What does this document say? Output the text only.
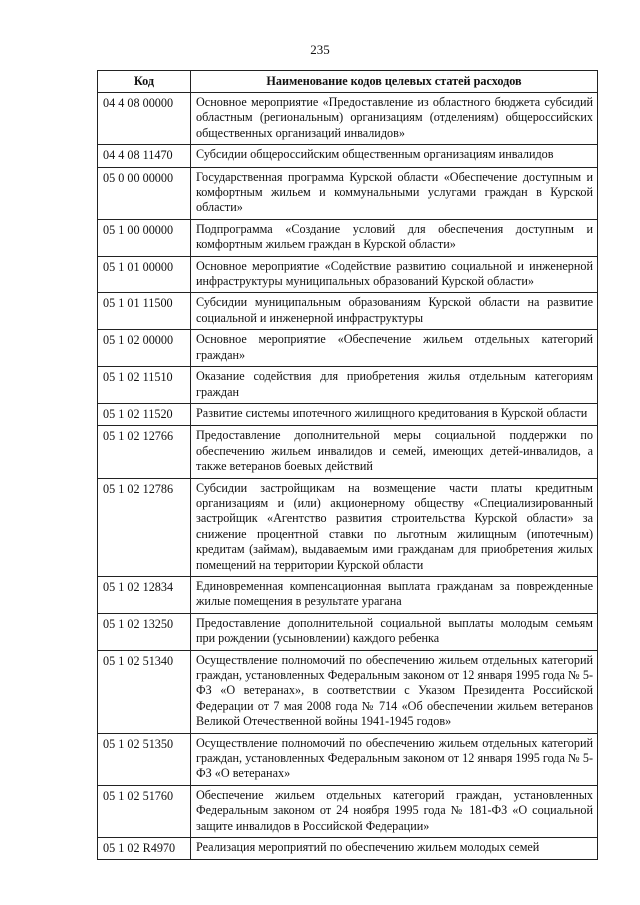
235
Код	Наименование кодов целевых статей расходов
04 4 08 00000	Основное мероприятие «Предоставление из областного бюджета субсидий областным (региональным) организациям (отделениям) общероссийских общественных организаций инвалидов»
04 4 08 11470	Субсидии общероссийским общественным организациям инвалидов
05 0 00 00000	Государственная программа Курской области «Обеспечение доступным и комфортным жильем и коммунальными услугами граждан в Курской области»
05 1 00 00000	Подпрограмма «Создание условий для обеспечения доступным и комфортным жильем граждан в Курской области»
05 1 01 00000	Основное мероприятие «Содействие развитию социальной и инженерной инфраструктуры муниципальных образований Курской области»
05 1 01 11500	Субсидии муниципальным образованиям Курской области на развитие социальной и инженерной инфраструктуры
05 1 02 00000	Основное мероприятие «Обеспечение жильем отдельных категорий граждан»
05 1 02 11510	Оказание содействия для приобретения жилья отдельным категориям граждан
05 1 02 11520	Развитие системы ипотечного жилищного кредитования в Курской области
05 1 02 12766	Предоставление дополнительной меры социальной поддержки по обеспечению жильем инвалидов и семей, имеющих детей-инвалидов, а также ветеранов боевых действий
05 1 02 12786	Субсидии застройщикам на возмещение части платы кредитным организациям и (или) акционерному обществу «Специализированный застройщик «Агентство развития строительства Курской области» за снижение процентной ставки по льготным жилищным (ипотечным) кредитам (займам), выдаваемым ими гражданам для приобретения жилых помещений на территории Курской области
05 1 02 12834	Единовременная компенсационная выплата гражданам за поврежденные жилые помещения в результате урагана
05 1 02 13250	Предоставление дополнительной социальной выплаты молодым семьям при рождении (усыновлении) каждого ребенка
05 1 02 51340	Осуществление полномочий по обеспечению жильем отдельных категорий граждан, установленных Федеральным законом от 12 января 1995 года № 5-ФЗ «О ветеранах», в соответствии с Указом Президента Российской Федерации от 7 мая 2008 года № 714 «Об обеспечении жильем ветеранов Великой Отечественной войны 1941-1945 годов»
05 1 02 51350	Осуществление полномочий по обеспечению жильем отдельных категорий граждан, установленных Федеральным законом от 12 января 1995 года № 5-ФЗ «О ветеранах»
05 1 02 51760	Обеспечение жильем отдельных категорий граждан, установленных Федеральным законом от 24 ноября 1995 года № 181-ФЗ «О социальной защите инвалидов в Российской Федерации»
05 1 02 R4970	Реализация мероприятий по обеспечению жильем молодых семей
